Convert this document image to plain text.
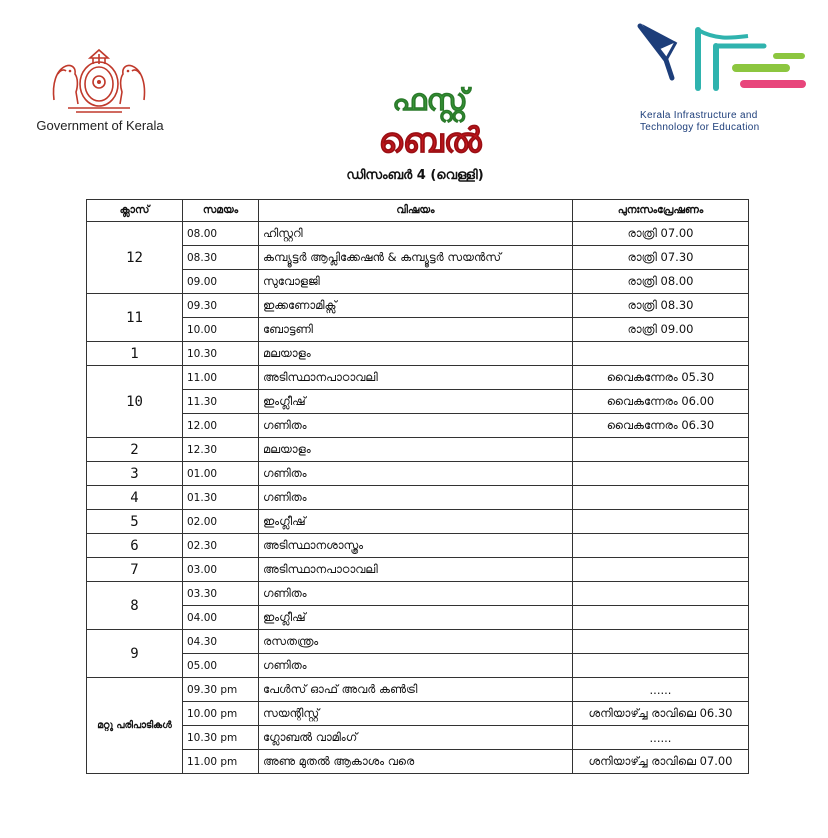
Government of Kerala
ഫസ്റ്റ്
ബെൽ
Kerala Infrastructure and
Technology for Education
ഡിസംബർ 4 (വെള്ളി)
ക്ലാസ്	സമയം	വിഷയം	പുനഃസംപ്രേഷണം
12	08.00	ഹിസ്റ്ററി	രാത്രി 07.00
	08.30	കമ്പ്യൂട്ടർ ആപ്ലിക്കേഷൻ & കമ്പ്യൂട്ടർ സയൻസ്	രാത്രി 07.30
	09.00	സുവോളജി	രാത്രി 08.00
11	09.30	ഇക്കണോമിക്സ്	രാത്രി 08.30
	10.00	ബോട്ടണി	രാത്രി 09.00
1	10.30	മലയാളം	
10	11.00	അടിസ്ഥാനപാഠാവലി	വൈകന്നേരം 05.30
	11.30	ഇംഗ്ലീഷ്	വൈകന്നേരം 06.00
	12.00	ഗണിതം	വൈകന്നേരം 06.30
2	12.30	മലയാളം	
3	01.00	ഗണിതം	
4	01.30	ഗണിതം	
5	02.00	ഇംഗ്ലീഷ്	
6	02.30	അടിസ്ഥാനശാസ്ത്രം	
7	03.00	അടിസ്ഥാനപാഠാവലി	
8	03.30	ഗണിതം	
	04.00	ഇംഗ്ലീഷ്	
9	04.30	രസതന്ത്രം	
	05.00	ഗണിതം	
മറ്റു പരിപാടികൾ	09.30 pm	പേൾസ് ഓഫ് അവർ കൺട്രി	......
	10.00 pm	സയന്റിസ്റ്റ്	ശനിയാഴ്ച്ച രാവിലെ 06.30
	10.30 pm	ഗ്ലോബൽ വാമിംഗ്	......
	11.00 pm	അണു മുതൽ ആകാശം വരെ	ശനിയാഴ്ച്ച രാവിലെ 07.00
